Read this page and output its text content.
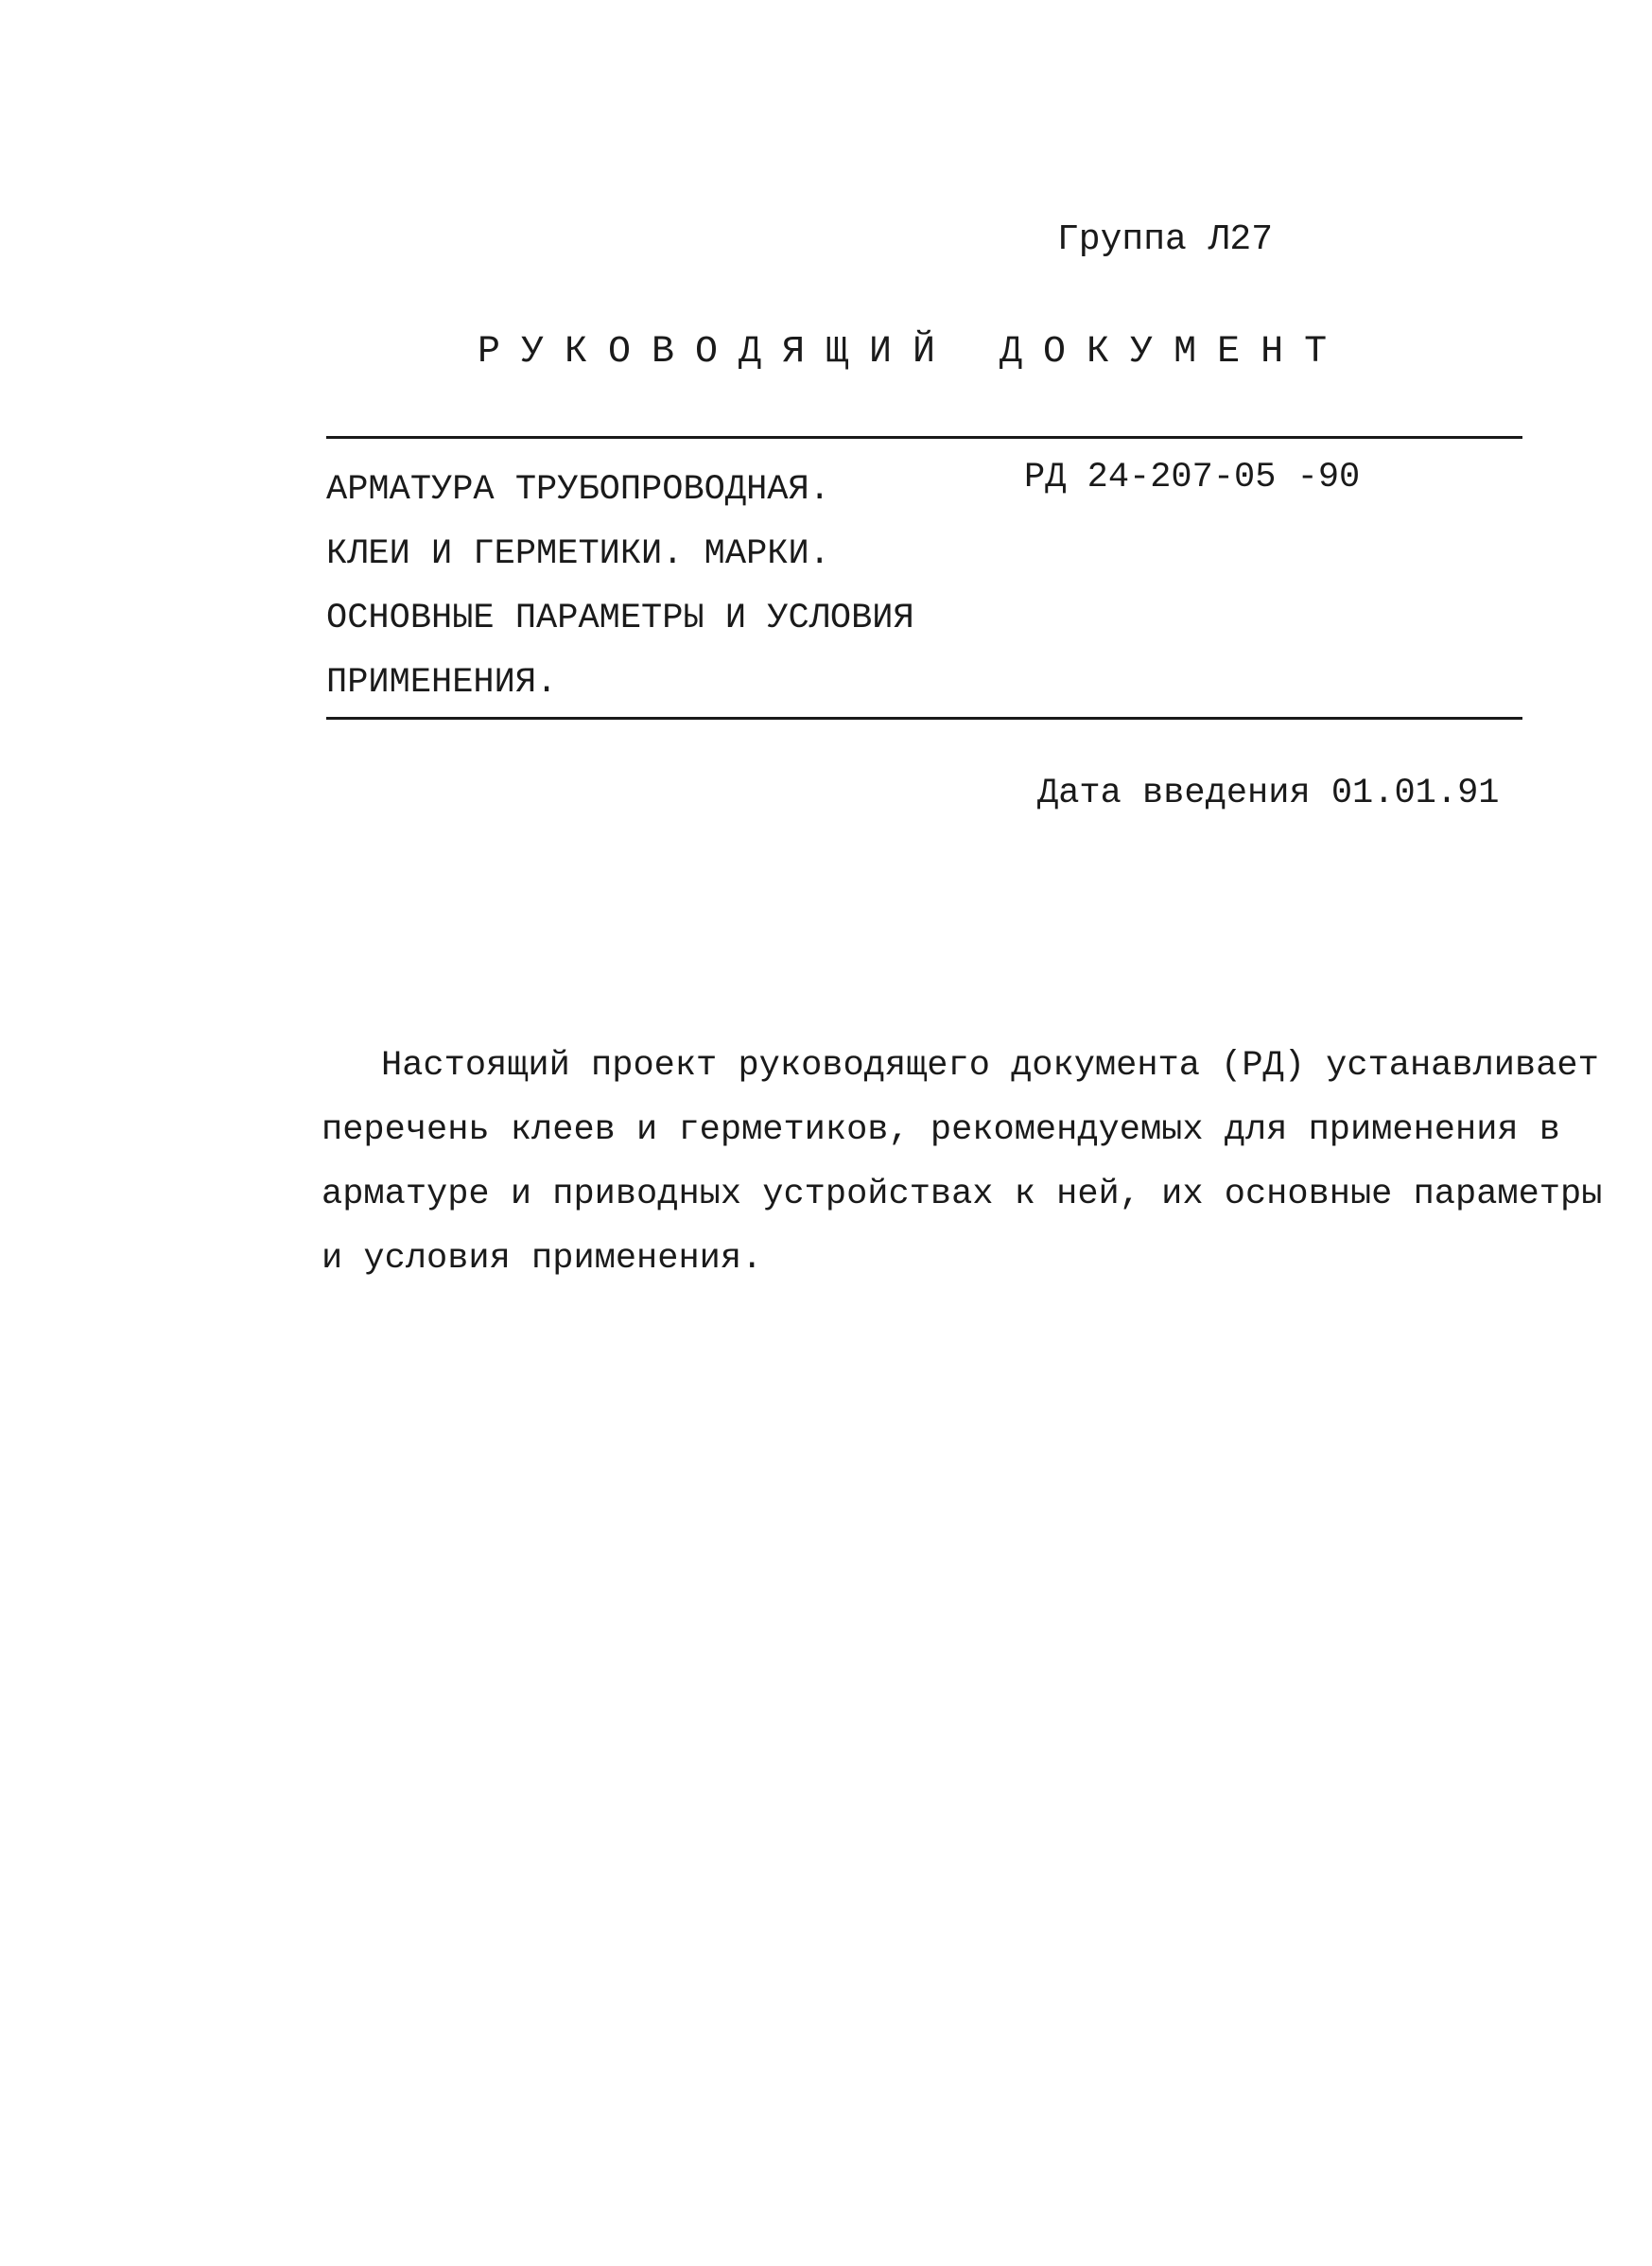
Группа Л27
РУКОВОДЯЩИЙ ДОКУМЕНТ
АРМАТУРА ТРУБОПРОВОДНАЯ.
КЛЕИ И ГЕРМЕТИКИ. МАРКИ.
ОСНОВНЫЕ ПАРАМЕТРЫ И УСЛОВИЯ
ПРИМЕНЕНИЯ.
РД 24-207-05 -90
Дата введения 01.01.91
Настоящий проект руководящего документа (РД) устанавливает
перечень клеев и герметиков, рекомендуемых для применения в
арматуре и приводных устройствах к ней, их основные параметры
и условия применения.
